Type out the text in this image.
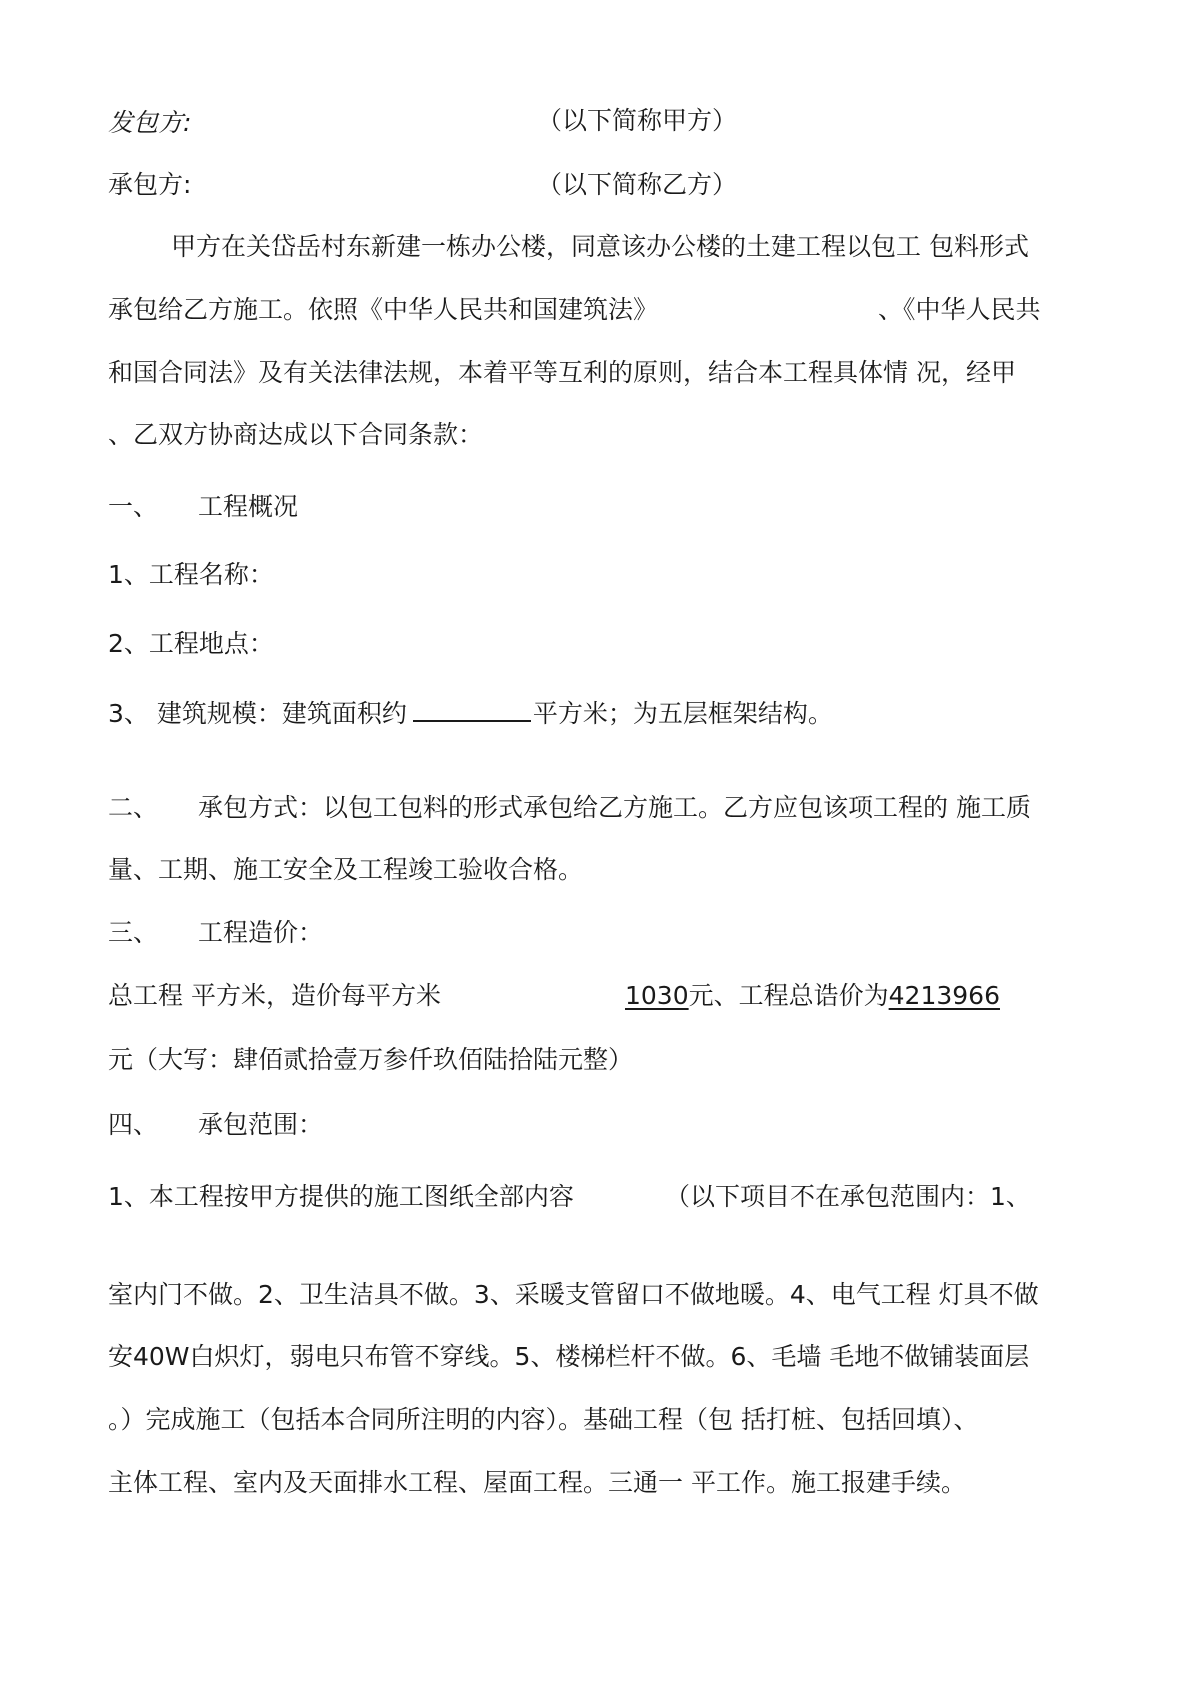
发包方:	（以下简称甲方）
承包方:	（以下简称乙方）
甲方在关岱岳村东新建一栋办公楼，同意该办公楼的土建工程以包工 包料形式
承包给乙方施工。依照《中华人民共和国建筑法》	、《中华人民共
和国合同法》及有关法律法规，本着平等互利的原则，结合本工程具体情 况，经甲
、乙双方协商达成以下合同条款：
一、 工程概况
1、工程名称：
2、工程地点：
3、 建筑规模：建筑面积约	平方米；为五层框架结构。
二、 承包方式：以包工包料的形式承包给乙方施工。乙方应包该项工程的 施工质
量、工期、施工安全及工程竣工验收合格。
三、 工程造价：
总工程 平方米，造价每平方米	1030元、工程总诰价为4213966
元（大写：肆佰贰拾壹万参仟玖佰陆拾陆元整）
四、 承包范围：
1、本工程按甲方提供的施工图纸全部内容	（以下项目不在承包范围内：1、
室内门不做。2、卫生洁具不做。3、采暖支管留口不做地暖。4、电气工程 灯具不做
安40W白炽灯，弱电只布管不穿线。5、楼梯栏杆不做。6、毛墙 毛地不做铺装面层
。）完成施工（包括本合同所注明的内容）。基础工程（包 括打桩、包括回填）、
主体工程、室内及天面排水工程、屋面工程。三通一 平工作。施工报建手续。
